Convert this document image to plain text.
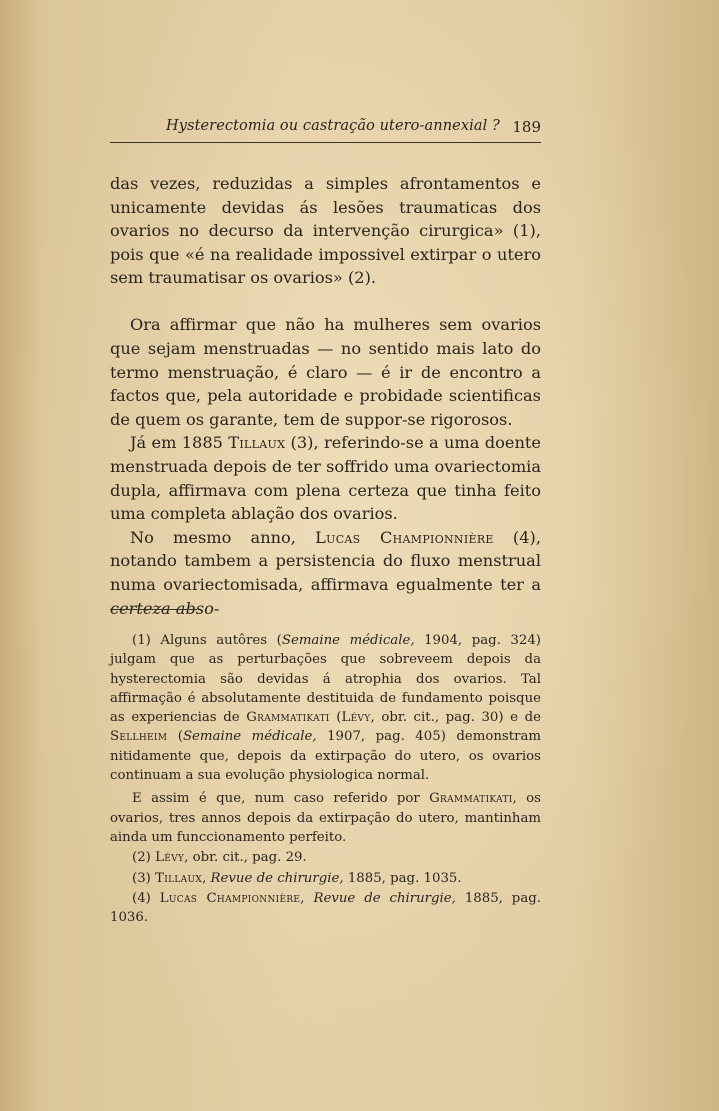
Hysterectomia ou castração utero-annexial ? 189

das vezes, reduzidas a simples afrontamentos e unicamente devidas ás lesões traumaticas dos ovarios no decurso da intervenção cirurgica» (1), pois que «é na realidade impossivel extirpar o utero sem traumatisar os ovarios» (2).

Ora affirmar que não ha mulheres sem ovarios que sejam menstruadas — no sentido mais lato do termo menstruação, é claro — é ir de encontro a factos que, pela autoridade e probidade scientificas de quem os garante, tem de suppor-se rigorosos.

Já em 1885 Tillaux (3), referindo-se a uma doente menstruada depois de ter soffrido uma ovariectomia dupla, affirmava com plena certeza que tinha feito uma completa ablação dos ovarios.

No mesmo anno, Lucas Championnière (4), notando tambem a persistencia do fluxo menstrual numa ovariectomisada, affirmava egualmente ter a certeza abso-

(1) Alguns autôres (Semaine médicale, 1904, pag. 324) julgam que as perturbações que sobreveem depois da hysterectomia são devidas á atrophia dos ovarios. Tal affirmação é absolutamente destituida de fundamento poisque as experiencias de Grammatikati (Lévy, obr. cit., pag. 30) e de Sellheim (Semaine médicale, 1907, pag. 405) demonstram nitidamente que, depois da extirpação do utero, os ovarios continuam a sua evolução physiologica normal.

E assim é que, num caso referido por Grammatikati, os ovarios, tres annos depois da extirpação do utero, mantinham ainda um funccionamento perfeito.

(2) Lévy, obr. cit., pag. 29.

(3) Tillaux, Revue de chirurgie, 1885, pag. 1035.

(4) Lucas Championnière, Revue de chirurgie, 1885, pag. 1036.
